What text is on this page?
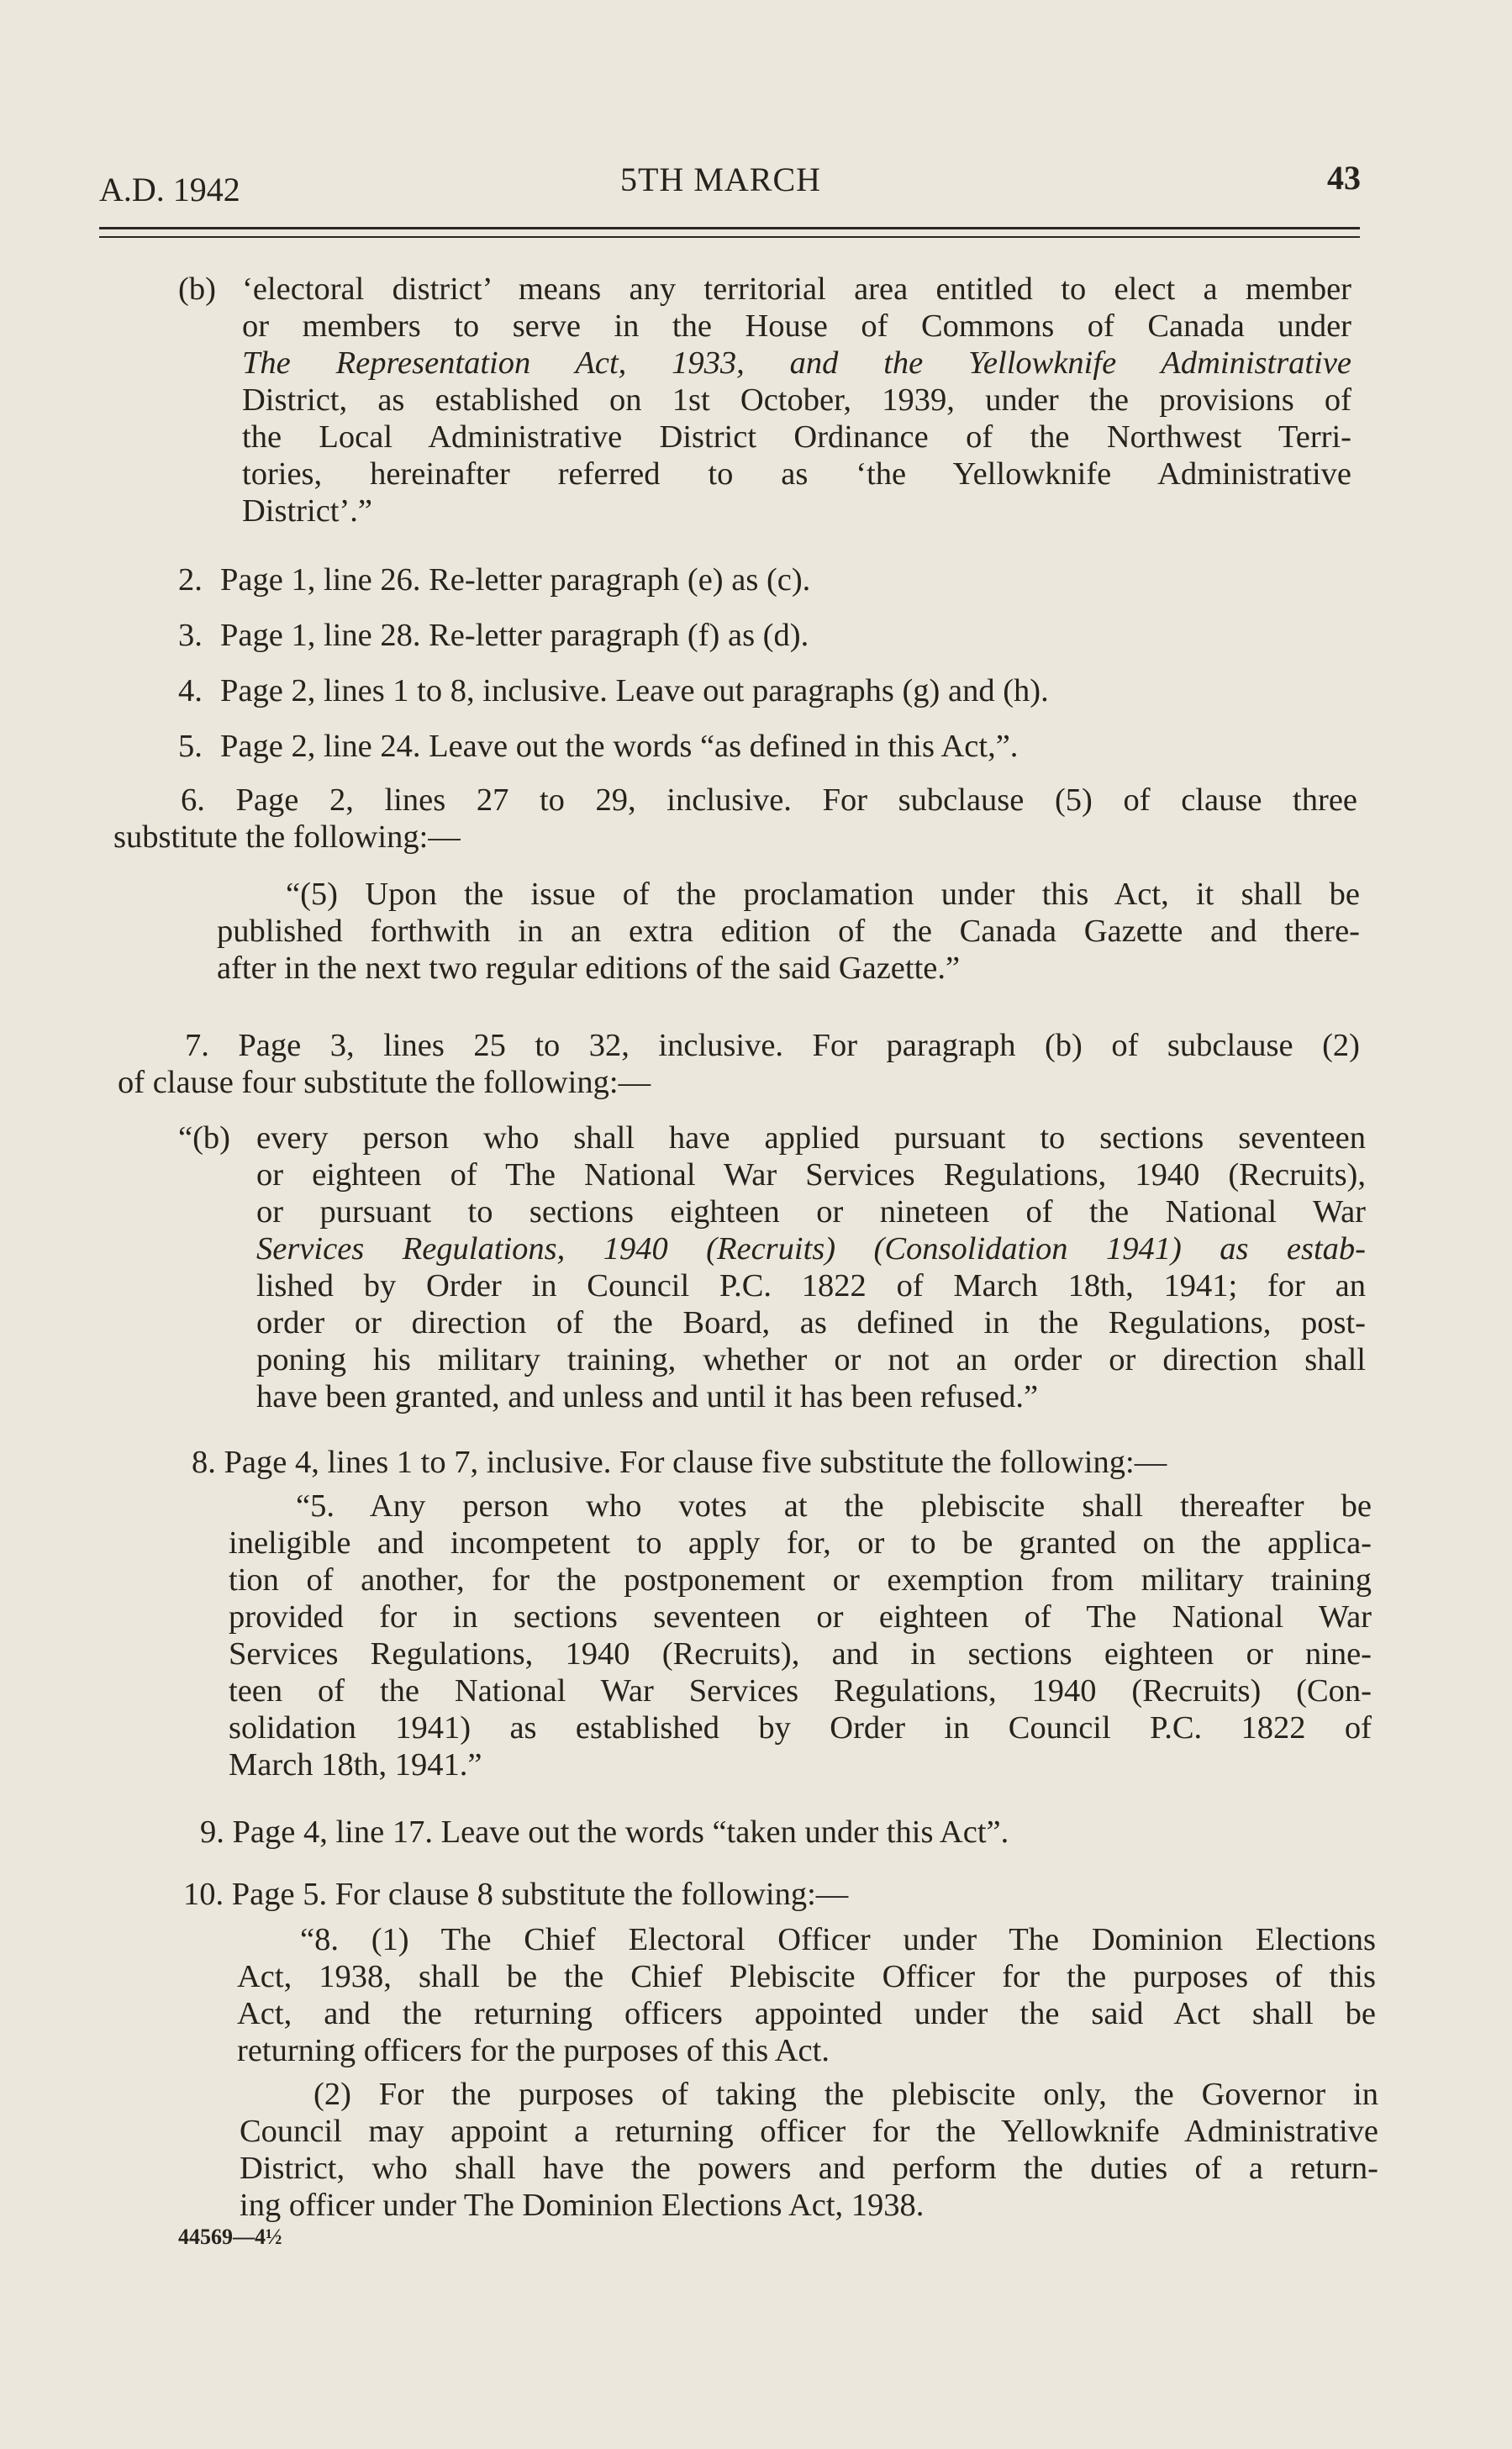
A.D. 1942	5TH MARCH	43
(b) ‘electoral district’ means any territorial area entitled to elect a member
or members to serve in the House of Commons of Canada under
The Representation Act, 1933, and the Yellowknife Administrative
District, as established on 1st October, 1939, under the provisions of
the Local Administrative District Ordinance of the Northwest Terri-
tories, hereinafter referred to as ‘the Yellowknife Administrative
District’.”
2. Page 1, line 26. Re-letter paragraph (e) as (c).
3. Page 1, line 28. Re-letter paragraph (f) as (d).
4. Page 2, lines 1 to 8, inclusive. Leave out paragraphs (g) and (h).
5. Page 2, line 24. Leave out the words “as defined in this Act,”.
6. Page 2, lines 27 to 29, inclusive. For subclause (5) of clause three
substitute the following:—
“(5) Upon the issue of the proclamation under this Act, it shall be
published forthwith in an extra edition of the Canada Gazette and there-
after in the next two regular editions of the said Gazette.”
7. Page 3, lines 25 to 32, inclusive. For paragraph (b) of subclause (2)
of clause four substitute the following:—
“(b) every person who shall have applied pursuant to sections seventeen
or eighteen of The National War Services Regulations, 1940 (Recruits),
or pursuant to sections eighteen or nineteen of the National War
Services Regulations, 1940 (Recruits) (Consolidation 1941) as estab-
lished by Order in Council P.C. 1822 of March 18th, 1941; for an
order or direction of the Board, as defined in the Regulations, post-
poning his military training, whether or not an order or direction shall
have been granted, and unless and until it has been refused.”
8. Page 4, lines 1 to 7, inclusive. For clause five substitute the following:—
“5. Any person who votes at the plebiscite shall thereafter be
ineligible and incompetent to apply for, or to be granted on the applica-
tion of another, for the postponement or exemption from military training
provided for in sections seventeen or eighteen of The National War
Services Regulations, 1940 (Recruits), and in sections eighteen or nine-
teen of the National War Services Regulations, 1940 (Recruits) (Con-
solidation 1941) as established by Order in Council P.C. 1822 of
March 18th, 1941.”
9. Page 4, line 17. Leave out the words “taken under this Act”.
10. Page 5. For clause 8 substitute the following:—
“8. (1) The Chief Electoral Officer under The Dominion Elections
Act, 1938, shall be the Chief Plebiscite Officer for the purposes of this
Act, and the returning officers appointed under the said Act shall be
returning officers for the purposes of this Act.
(2) For the purposes of taking the plebiscite only, the Governor in
Council may appoint a returning officer for the Yellowknife Administrative
District, who shall have the powers and perform the duties of a return-
ing officer under The Dominion Elections Act, 1938.
44569—4½
